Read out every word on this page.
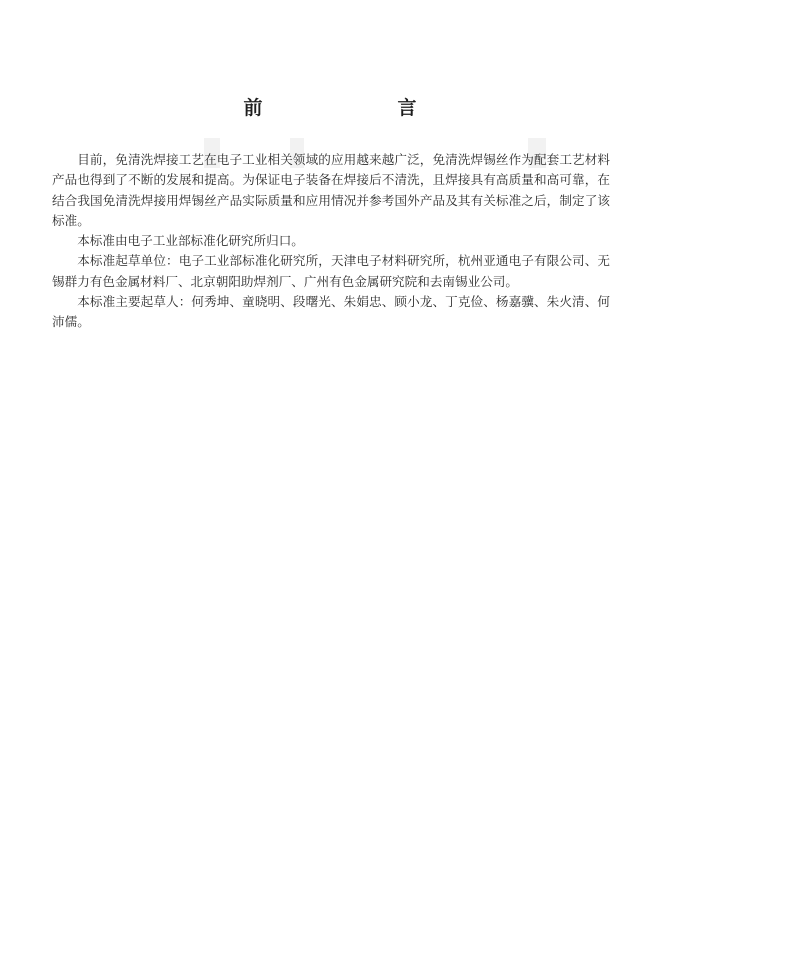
前　言

目前，免清洗焊接工艺在电子工业相关领域的应用越来越广泛，免清洗焊锡丝作为配套工艺材料产品也得到了不断的发展和提高。为保证电子装备在焊接后不清洗，且焊接具有高质量和高可靠，在结合我国免清洗焊接用焊锡丝产品实际质量和应用情况并参考国外产品及其有关标准之后，制定了该标准。

本标准由电子工业部标准化研究所归口。

本标准起草单位：电子工业部标准化研究所，天津电子材料研究所，杭州亚通电子有限公司、无锡群力有色金属材料厂、北京朝阳助焊剂厂、广州有色金属研究院和去南锡业公司。

本标准主要起草人：何秀坤、童晓明、段曙光、朱娟忠、顾小龙、丁克俭、杨嘉骥、朱火清、何沛儒。
